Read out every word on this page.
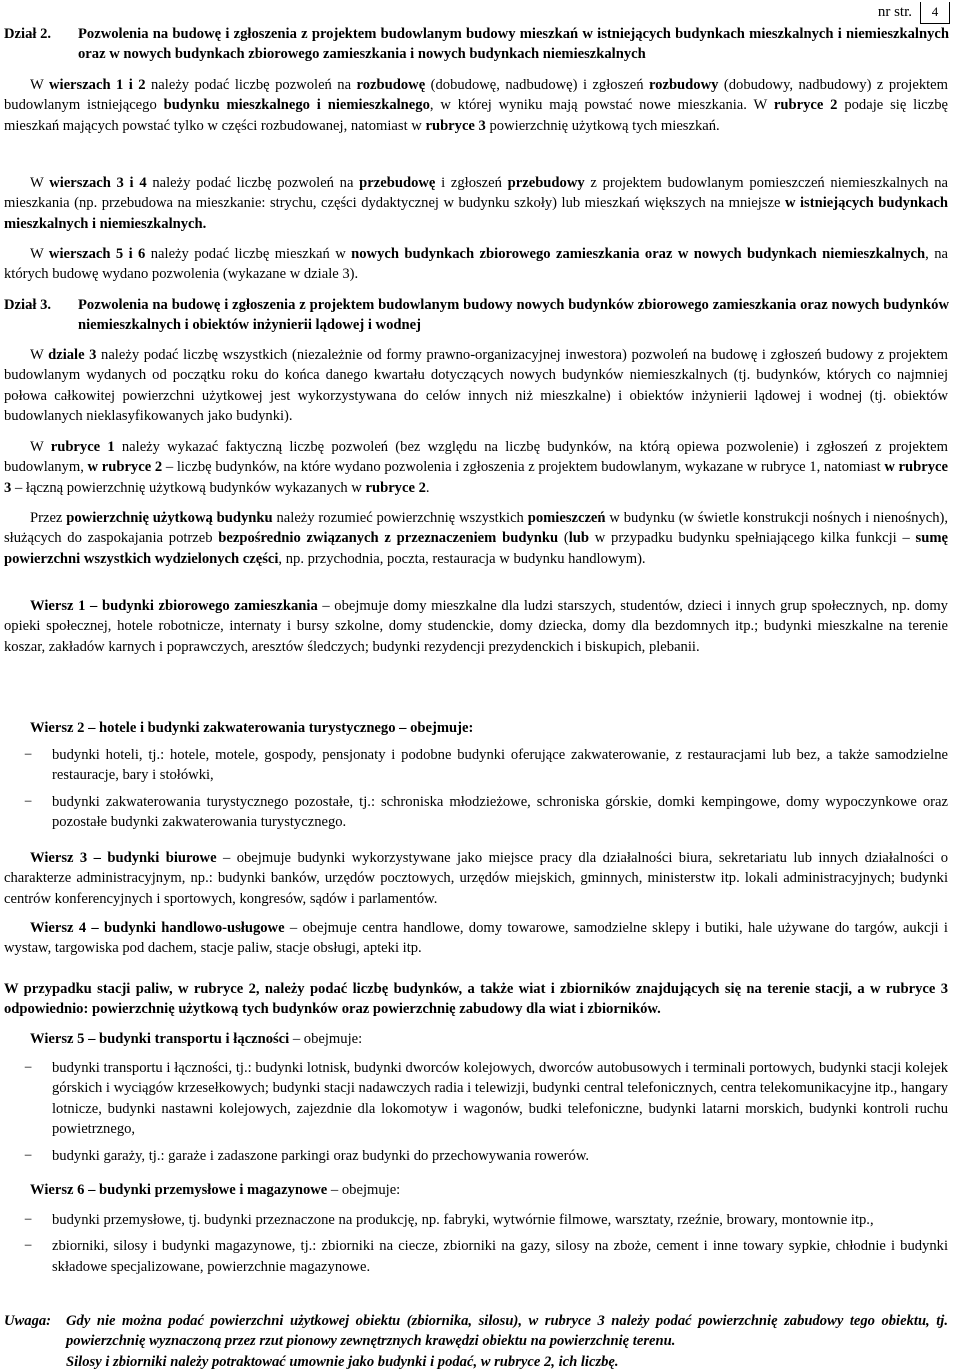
nr str. 4
Dział 2. Pozwolenia na budowę i zgłoszenia z projektem budowlanym budowy mieszkań w istniejących budynkach mieszkalnych i niemieszkalnych oraz w nowych budynkach zbiorowego zamieszkania i nowych budynkach niemieszkalnych
W wierszach 1 i 2 należy podać liczbę pozwoleń na rozbudowę (dobudowę, nadbudowę) i zgłoszeń rozbudowy (dobudowy, nadbudowy) z projektem budowlanym istniejącego budynku mieszkalnego i niemieszkalnego, w której wyniku mają powstać nowe mieszkania. W rubryce 2 podaje się liczbę mieszkań mających powstać tylko w części rozbudowanej, natomiast w rubryce 3 powierzchnię użytkową tych mieszkań.
W wierszach 3 i 4 należy podać liczbę pozwoleń na przebudowę i zgłoszeń przebudowy z projektem budowlanym pomieszczeń niemieszkalnych na mieszkania (np. przebudowa na mieszkanie: strychu, części dydaktycznej w budynku szkoły) lub mieszkań większych na mniejsze w istniejących budynkach mieszkalnych i niemieszkalnych.
W wierszach 5 i 6 należy podać liczbę mieszkań w nowych budynkach zbiorowego zamieszkania oraz w nowych budynkach niemieszkalnych, na których budowę wydano pozwolenia (wykazane w dziale 3).
Dział 3. Pozwolenia na budowę i zgłoszenia z projektem budowlanym budowy nowych budynków zbiorowego zamieszkania oraz nowych budynków niemieszkalnych i obiektów inżynierii lądowej i wodnej
W dziale 3 należy podać liczbę wszystkich (niezależnie od formy prawno-organizacyjnej inwestora) pozwoleń na budowę i zgłoszeń budowy z projektem budowlanym wydanych od początku roku do końca danego kwartału dotyczących nowych budynków niemieszkalnych (tj. budynków, których co najmniej połowa całkowitej powierzchni użytkowej jest wykorzystywana do celów innych niż mieszkalne) i obiektów inżynierii lądowej i wodnej (tj. obiektów budowlanych nieklasyfikowanych jako budynki).
W rubryce 1 należy wykazać faktyczną liczbę pozwoleń (bez względu na liczbę budynków, na którą opiewa pozwolenie) i zgłoszeń z projektem budowlanym, w rubryce 2 – liczbę budynków, na które wydano pozwolenia i zgłoszenia z projektem budowlanym, wykazane w rubryce 1, natomiast w rubryce 3 – łączną powierzchnię użytkową budynków wykazanych w rubryce 2.
Przez powierzchnię użytkową budynku należy rozumieć powierzchnię wszystkich pomieszczeń w budynku (w świetle konstrukcji nośnych i nienośnych), służących do zaspokajania potrzeb bezpośrednio związanych z przeznaczeniem budynku (lub w przypadku budynku spełniającego kilka funkcji – sumę powierzchni wszystkich wydzielonych części, np. przychodnia, poczta, restauracja w budynku handlowym).
Wiersz 1 – budynki zbiorowego zamieszkania – obejmuje domy mieszkalne dla ludzi starszych, studentów, dzieci i innych grup społecznych, np. domy opieki społecznej, hotele robotnicze, internaty i bursy szkolne, domy studenckie, domy dziecka, domy dla bezdomnych itp.; budynki mieszkalne na terenie koszar, zakładów karnych i poprawczych, aresztów śledczych; budynki rezydencji prezydenckich i biskupich, plebanii.
Wiersz 2 – hotele i budynki zakwaterowania turystycznego – obejmuje:
− budynki hoteli, tj.: hotele, motele, gospody, pensjonaty i podobne budynki oferujące zakwaterowanie, z restauracjami lub bez, a także samodzielne restauracje, bary i stołówki,
− budynki zakwaterowania turystycznego pozostałe, tj.: schroniska młodzieżowe, schroniska górskie, domki kempingowe, domy wypoczynkowe oraz pozostałe budynki zakwaterowania turystycznego.
Wiersz 3 – budynki biurowe – obejmuje budynki wykorzystywane jako miejsce pracy dla działalności biura, sekretariatu lub innych działalności o charakterze administracyjnym, np.: budynki banków, urzędów pocztowych, urzędów miejskich, gminnych, ministerstw itp. lokali administracyjnych; budynki centrów konferencyjnych i sportowych, kongresów, sądów i parlamentów.
Wiersz 4 – budynki handlowo-usługowe – obejmuje centra handlowe, domy towarowe, samodzielne sklepy i butiki, hale używane do targów, aukcji i wystaw, targowiska pod dachem, stacje paliw, stacje obsługi, apteki itp.
W przypadku stacji paliw, w rubryce 2, należy podać liczbę budynków, a także wiat i zbiorników znajdujących się na terenie stacji, a w rubryce 3 odpowiednio: powierzchnię użytkową tych budynków oraz powierzchnię zabudowy dla wiat i zbiorników.
Wiersz 5 – budynki transportu i łączności – obejmuje:
− budynki transportu i łączności, tj.: budynki lotnisk, budynki dworców kolejowych, dworców autobusowych i terminali portowych, budynki stacji kolejek górskich i wyciągów krzesełkowych; budynki stacji nadawczych radia i telewizji, budynki central telefonicznych, centra telekomunikacyjne itp., hangary lotnicze, budynki nastawni kolejowych, zajezdnie dla lokomotyw i wagonów, budki telefoniczne, budynki latarni morskich, budynki kontroli ruchu powietrznego,
− budynki garaży, tj.: garaże i zadaszone parkingi oraz budynki do przechowywania rowerów.
Wiersz 6 – budynki przemysłowe i magazynowe – obejmuje:
− budynki przemysłowe, tj. budynki przeznaczone na produkcję, np. fabryki, wytwórnie filmowe, warsztaty, rzeźnie, browary, montownie itp.,
− zbiorniki, silosy i budynki magazynowe, tj.: zbiorniki na ciecze, zbiorniki na gazy, silosy na zboże, cement i inne towary sypkie, chłodnie i budynki składowe specjalizowane, powierzchnie magazynowe.
Uwaga: Gdy nie można podać powierzchni użytkowej obiektu (zbiornika, silosu), w rubryce 3 należy podać powierzchnię zabudowy tego obiektu, tj. powierzchnię wyznaczoną przez rzut pionowy zewnętrznych krawędzi obiektu na powierzchnię terenu.
Silosy i zbiorniki należy potraktować umownie jako budynki i podać, w rubryce 2, ich liczbę.
